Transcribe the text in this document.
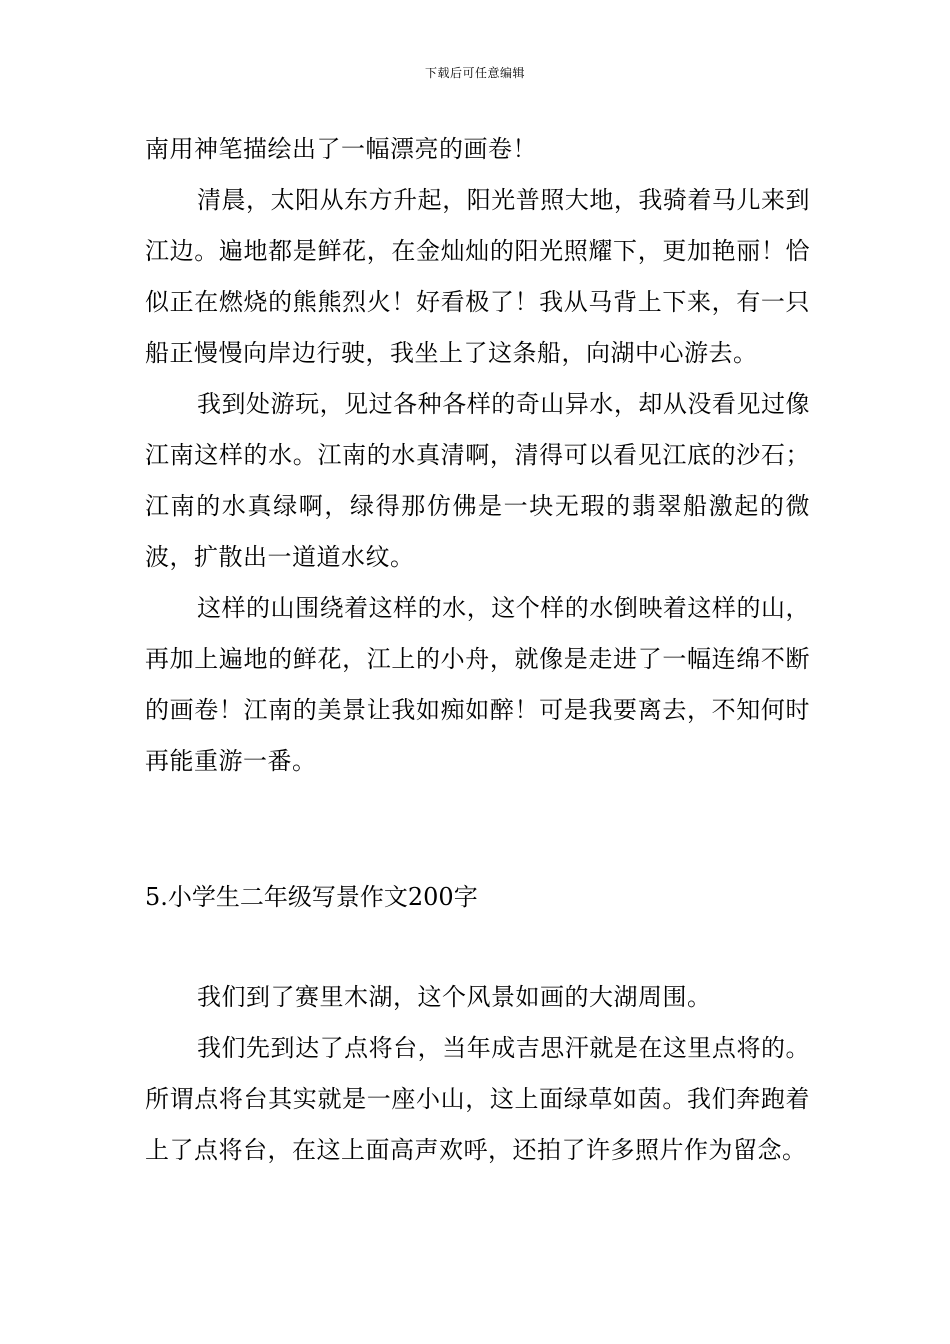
下载后可任意编辑

南用神笔描绘出了一幅漂亮的画卷！

清晨，太阳从东方升起，阳光普照大地，我骑着马儿来到江边。遍地都是鲜花，在金灿灿的阳光照耀下，更加艳丽！恰似正在燃烧的熊熊烈火！好看极了！我从马背上下来，有一只船正慢慢向岸边行驶，我坐上了这条船，向湖中心游去。

我到处游玩，见过各种各样的奇山异水，却从没看见过像江南这样的水。江南的水真清啊，清得可以看见江底的沙石；江南的水真绿啊，绿得那仿佛是一块无瑕的翡翠船激起的微波，扩散出一道道水纹。

这样的山围绕着这样的水，这个样的水倒映着这样的山，再加上遍地的鲜花，江上的小舟，就像是走进了一幅连绵不断的画卷！江南的美景让我如痴如醉！可是我要离去，不知何时再能重游一番。

5.小学生二年级写景作文200字

我们到了赛里木湖，这个风景如画的大湖周围。

我们先到达了点将台，当年成吉思汗就是在这里点将的。所谓点将台其实就是一座小山，这上面绿草如茵。我们奔跑着上了点将台，在这上面高声欢呼，还拍了许多照片作为留念。
